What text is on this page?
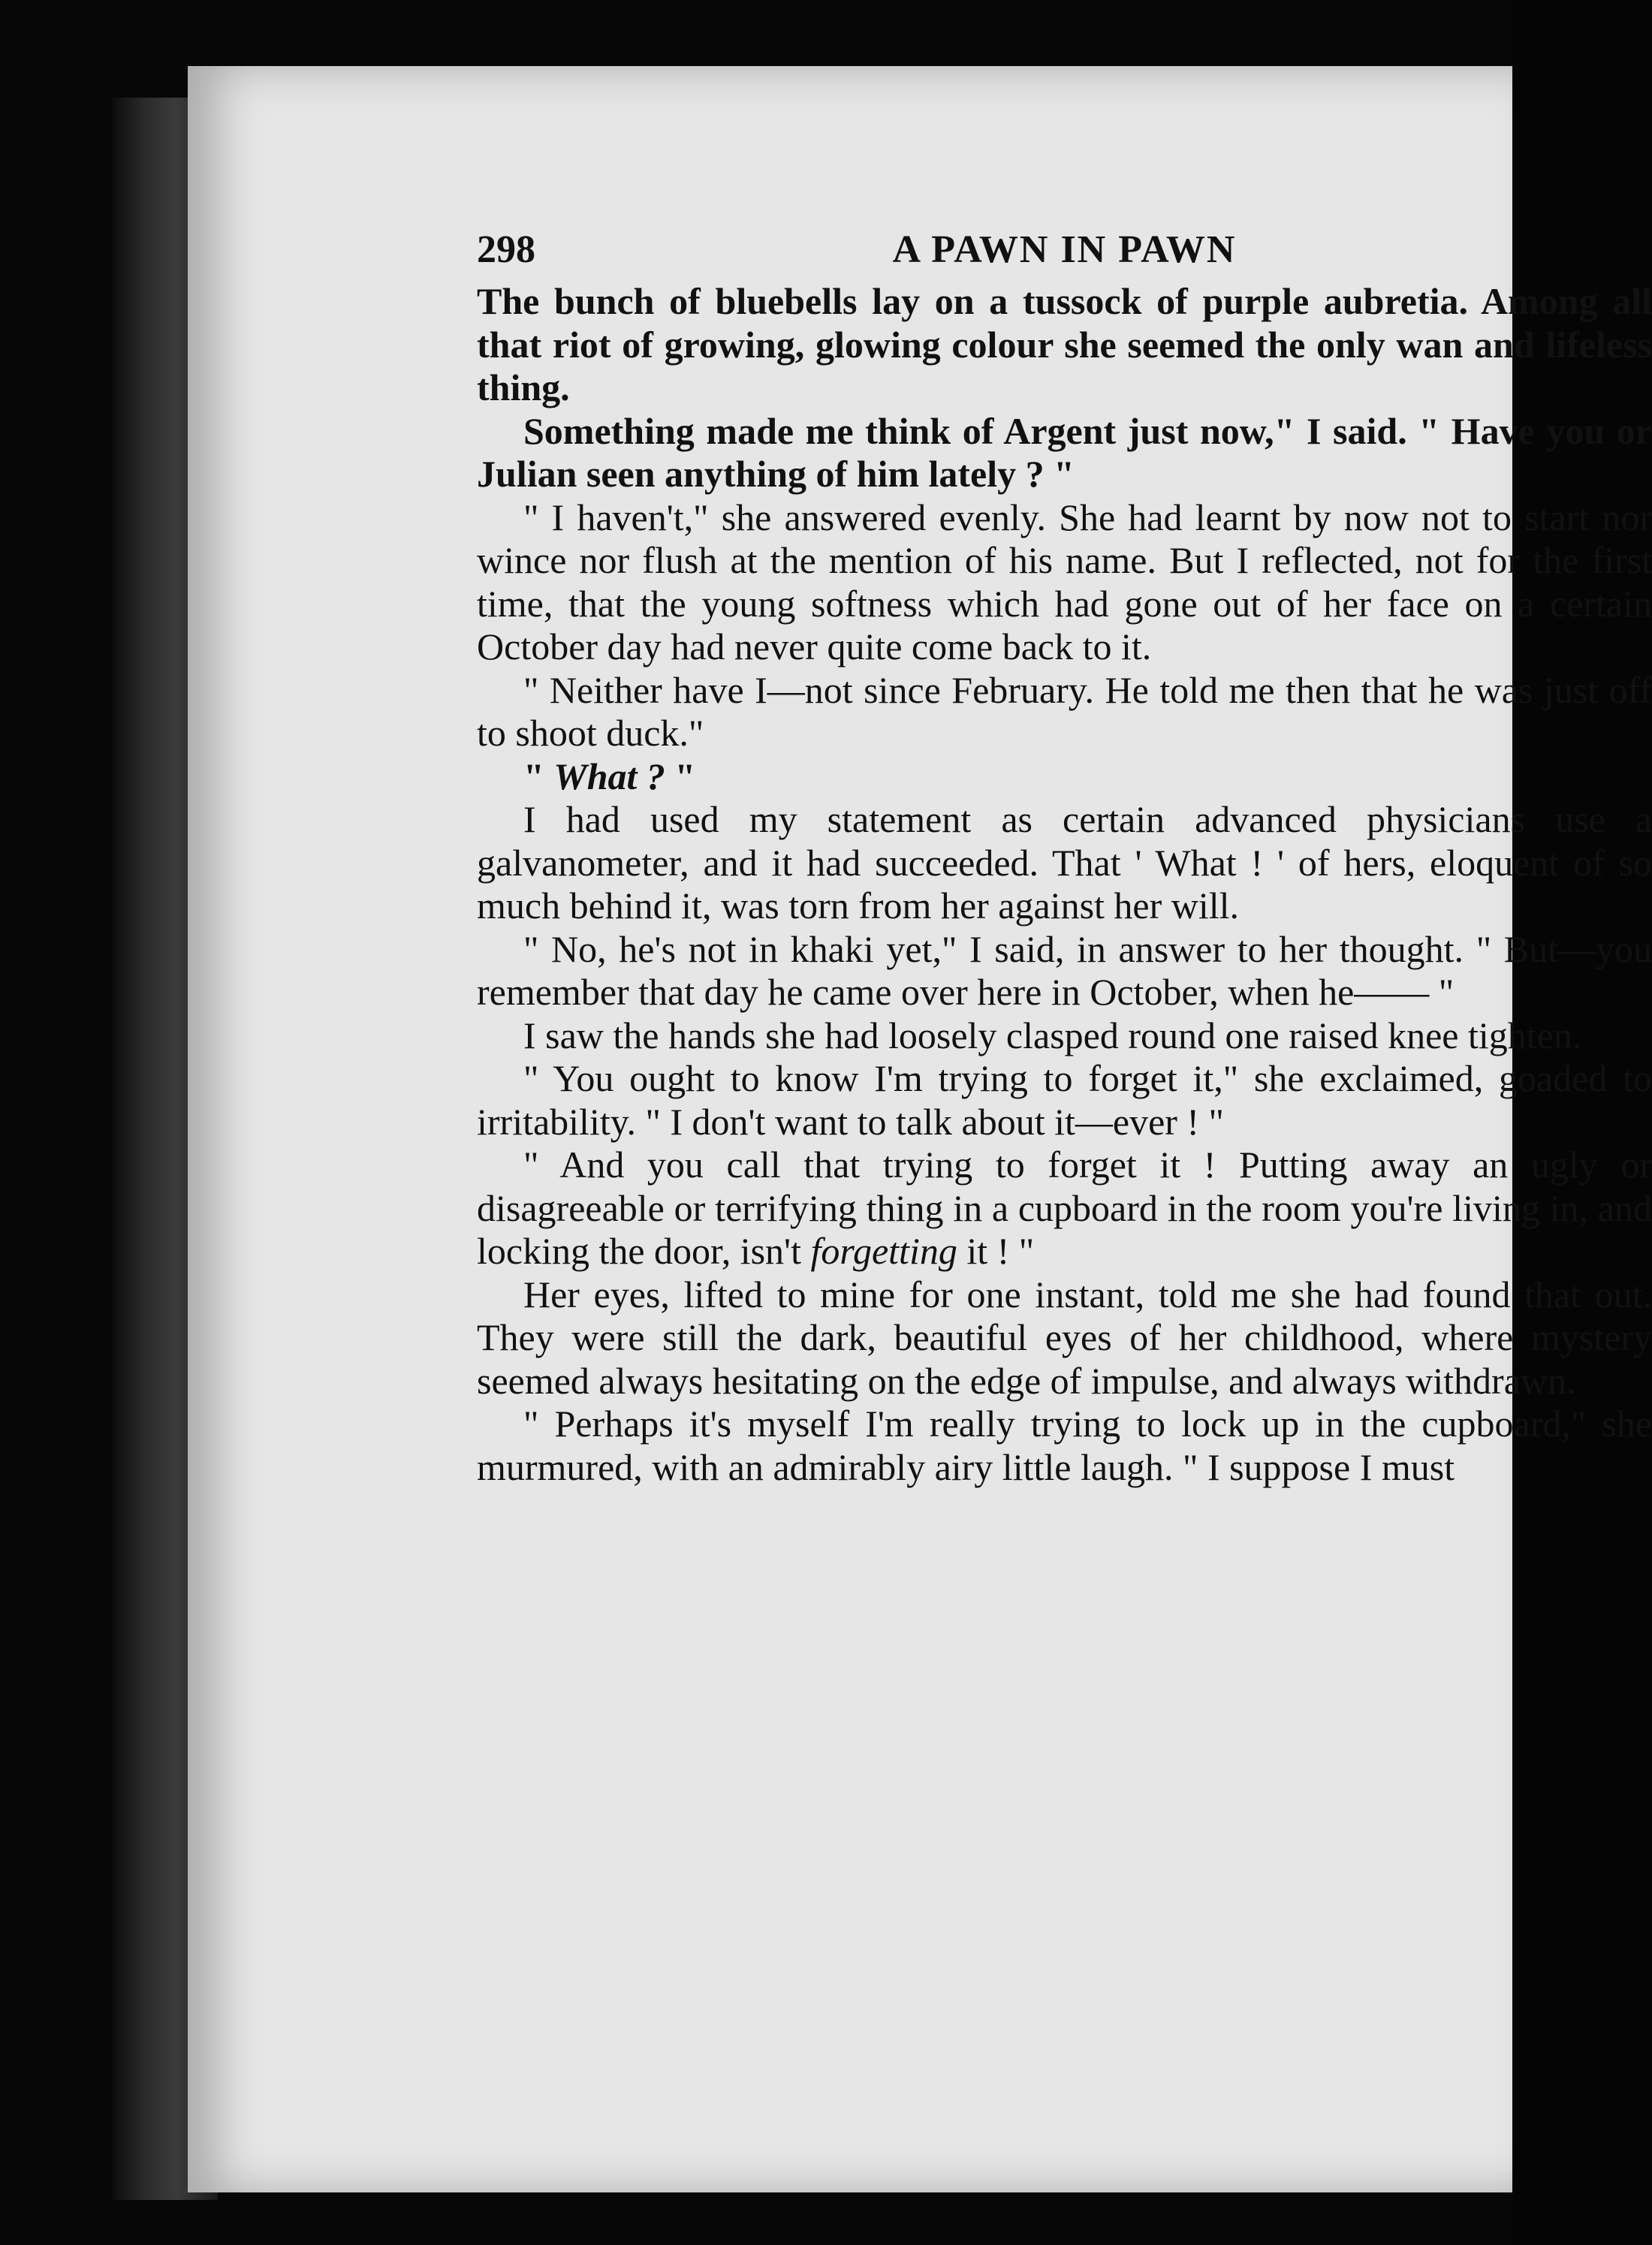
298	A PAWN IN PAWN

The bunch of bluebells lay on a tussock of purple aubretia. Among all that riot of growing, glowing colour she seemed the only wan and lifeless thing.

Something made me think of Argent just now," I said. " Have you or Julian seen anything of him lately ? "

" I haven't," she answered evenly. She had learnt by now not to start nor wince nor flush at the mention of his name. But I reflected, not for the first time, that the young softness which had gone out of her face on a certain October day had never quite come back to it.

" Neither have I—not since February. He told me then that he was just off to shoot duck."

" What ? "

I had used my statement as certain advanced physicians use a galvanometer, and it had succeeded. That ' What ! ' of hers, eloquent of so much behind it, was torn from her against her will.

" No, he's not in khaki yet," I said, in answer to her thought. " But—you remember that day he came over here in October, when he—— "

I saw the hands she had loosely clasped round one raised knee tighten.

" You ought to know I'm trying to forget it," she exclaimed, goaded to irritability. " I don't want to talk about it—ever ! "

" And you call that trying to forget it ! Putting away an ugly or disagreeable or terrifying thing in a cupboard in the room you're living in, and locking the door, isn't forgetting it ! "

Her eyes, lifted to mine for one instant, told me she had found that out. They were still the dark, beautiful eyes of her childhood, where mystery seemed always hesitating on the edge of impulse, and always withdrawn.

" Perhaps it's myself I'm really trying to lock up in the cupboard," she murmured, with an admirably airy little laugh. " I suppose I must
